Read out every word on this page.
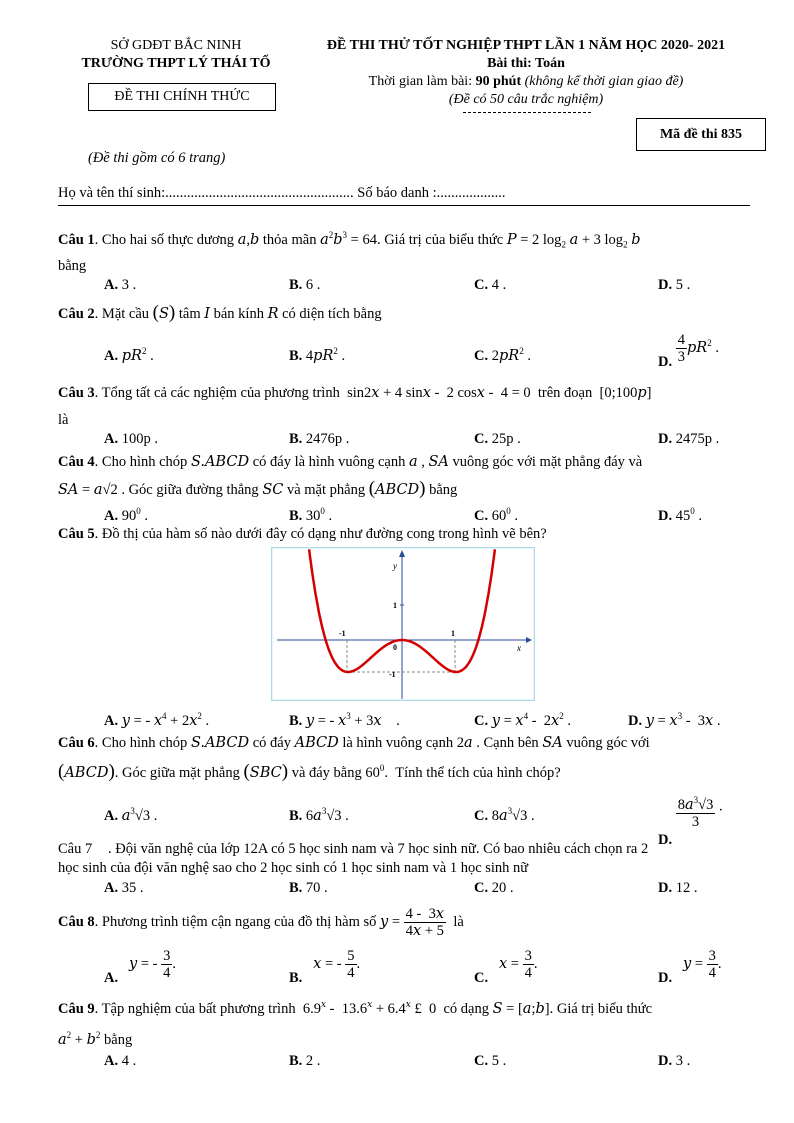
SỞ GDĐT BẮC NINH
TRƯỜNG THPT LÝ THÁI TỔ
ĐỀ THI CHÍNH THỨC
ĐỀ THI THỬ TỐT NGHIỆP THPT LẦN 1 NĂM HỌC 2020- 2021
Bài thi: Toán
Thời gian làm bài: 90 phút (không kể thời gian giao đề)
(Đề có 50 câu trắc nghiệm)
Mã đề thi 835
(Đề thi gồm có 6 trang)
Họ và tên thí sinh:.................................................... Số báo danh :...................
Câu 1. Cho hai số thực dương a,b thỏa mãn $a^2b^3 = 64$. Giá trị của biểu thức P = 2 $\log_2 a + 3$ $\log_2 b$
bằng
A. 3 .	B. 6 .	C. 4 .	D. 5 .
Câu 2. Mặt cầu (S) tâm I bán kính R có diện tích bằng
A. $pR^2$ .	B. $4pR^2$ .	C. $2pR^2$ .	D. $\frac{4}{3} pR^2$ .
Câu 3. Tổng tất cả các nghiệm của phương trình  sin2x + 4 sinx -  2 cosx -  4 = 0  trên đoạn  [0;100p]
là
A. 100p .	B. 2476p .	C. 25p .	D. 2475p .
Câu 4. Cho hình chóp S.ABCD có đáy là hình vuông cạnh a , SA vuông góc với mặt phẳng đáy và
SA = a√2 . Góc giữa đường thẳng SC và mặt phẳng (ABCD) bằng
A. $90^0$ .	B. $30^0$ .	C. $60^0$ .	D. $45^0$ .
Câu 5. Đồ thị của hàm số nào dưới đây có dạng như đường cong trong hình vẽ bên?
y
x
0
-1	1
1
-1
A. y = - $x^4 + 2x^2$ .	B. y = - $x^3 + 3x$    .	C. $y = x^4 - 2x^2$ .	D. $y = x^3 - 3x$ .
Câu 6. Cho hình chóp S.ABCD có đáy ABCD là hình vuông cạnh 2a . Cạnh bên SA vuông góc với
(ABCD). Góc giữa mặt phẳng (SBC) và đáy bằng $60^0$.  Tính thể tích của hình chóp?
A. $a^3√3$ .	B. $6a^3√3$ .	C. $8a^3√3$ .
D.
$\frac{8a^3√3}{3}$ .
Câu 7 . Đội văn nghệ của lớp 12A có 5 học sinh nam và 7 học sinh nữ. Có bao nhiêu cách chọn ra 2
học sinh của đội văn nghệ sao cho 2 học sinh có 1 học sinh nam và 1 học sinh nữ
A. 35 .	B. 70 .	C. 20 .	D. 12 .
Câu 8. Phương trình tiệm cận ngang của đồ thị hàm số $y = \frac{4 - 3x}{4x + 5}$ là
A.   y = - $\frac{3}{4}$ .
B.   x = - $\frac{5}{4}$ .
C.   $x = \frac{3}{4}$ .
D.   $y = \frac{3}{4}$ .
Câu 9. Tập nghiệm của bất phương trình  $6.9^x - 13.6^x + 6.4^x$ £  0  có dạng S = [a;b]. Giá trị biểu thức
$a^2 + b^2$ bằng
A. 4 .	B. 2 .	C. 5 .	D. 3 .
